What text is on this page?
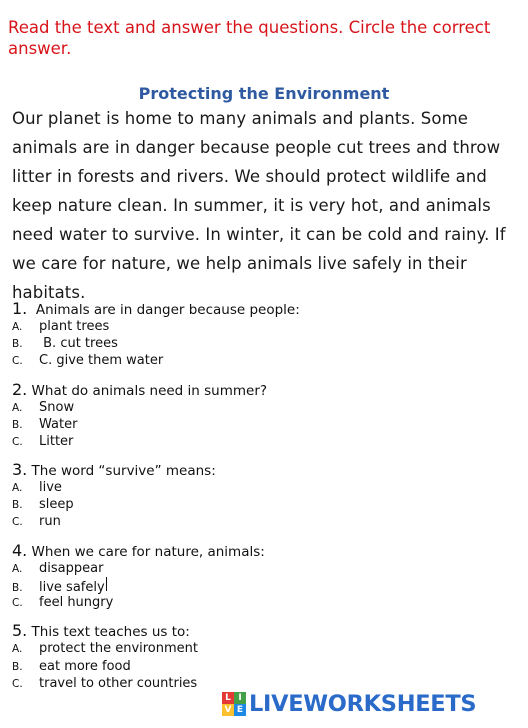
Read the text and answer the questions. Circle the correct answer.
Protecting the Environment
Our planet is home to many animals and plants. Some animals are in danger because people cut trees and throw litter in forests and rivers. We should protect wildlife and keep nature clean. In summer, it is very hot, and animals need water to survive. In winter, it can be cold and rainy. If we care for nature, we help animals live safely in their habitats.
1.  Animals are in danger because people:
A.	plant trees
B.	B. cut trees
C.	C. give them water
2. What do animals need in summer?
A.	Snow
B.	Water
C.	Litter
3. The word “survive” means:
A.	live
B.	sleep
C.	run
4. When we care for nature, animals:
A.	disappear
B.	live safely
C.	feel hungry
5. This text teaches us to:
A.	protect the environment
B.	eat more food
C.	travel to other countries
L I
V E LIVEWORKSHEETS
